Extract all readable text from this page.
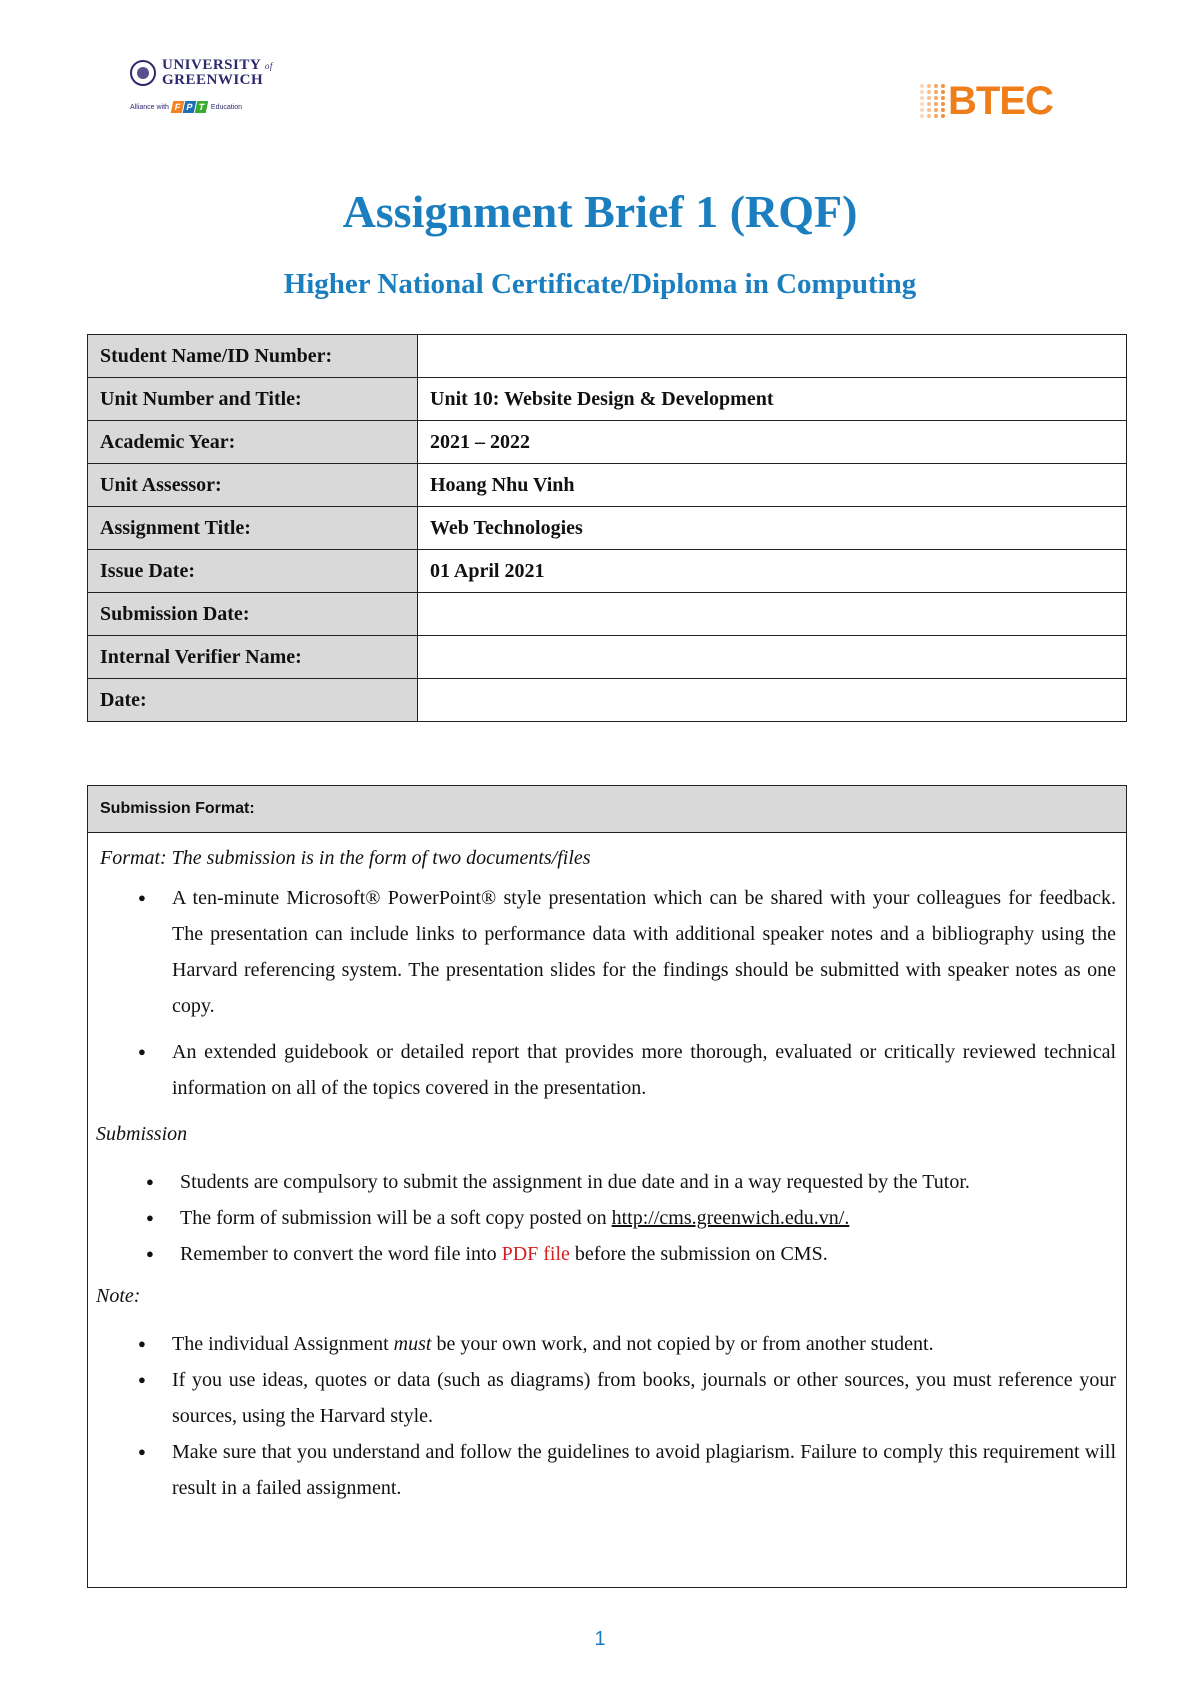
UNIVERSITY of
GREENWICH
Alliance with F P T Education	BTEC
Assignment Brief 1 (RQF)
Higher National Certificate/Diploma in Computing
Student Name/ID Number:	
Unit Number and Title:	Unit 10: Website Design & Development
Academic Year:	2021 – 2022
Unit Assessor:	Hoang Nhu Vinh
Assignment Title:	Web Technologies
Issue Date:	01 April 2021
Submission Date:	
Internal Verifier Name:	
Date:	
Submission Format:
Format: The submission is in the form of two documents/files
● A ten-minute Microsoft® PowerPoint® style presentation which can be shared with your colleagues for feedback. The presentation can include links to performance data with additional speaker notes and a bibliography using the Harvard referencing system. The presentation slides for the findings should be submitted with speaker notes as one copy.
● An extended guidebook or detailed report that provides more thorough, evaluated or critically reviewed technical information on all of the topics covered in the presentation.
Submission
● Students are compulsory to submit the assignment in due date and in a way requested by the Tutor.
● The form of submission will be a soft copy posted on http://cms.greenwich.edu.vn/.
● Remember to convert the word file into PDF file before the submission on CMS.
Note:
● The individual Assignment must be your own work, and not copied by or from another student.
● If you use ideas, quotes or data (such as diagrams) from books, journals or other sources, you must reference your sources, using the Harvard style.
● Make sure that you understand and follow the guidelines to avoid plagiarism. Failure to comply this requirement will result in a failed assignment.
1
